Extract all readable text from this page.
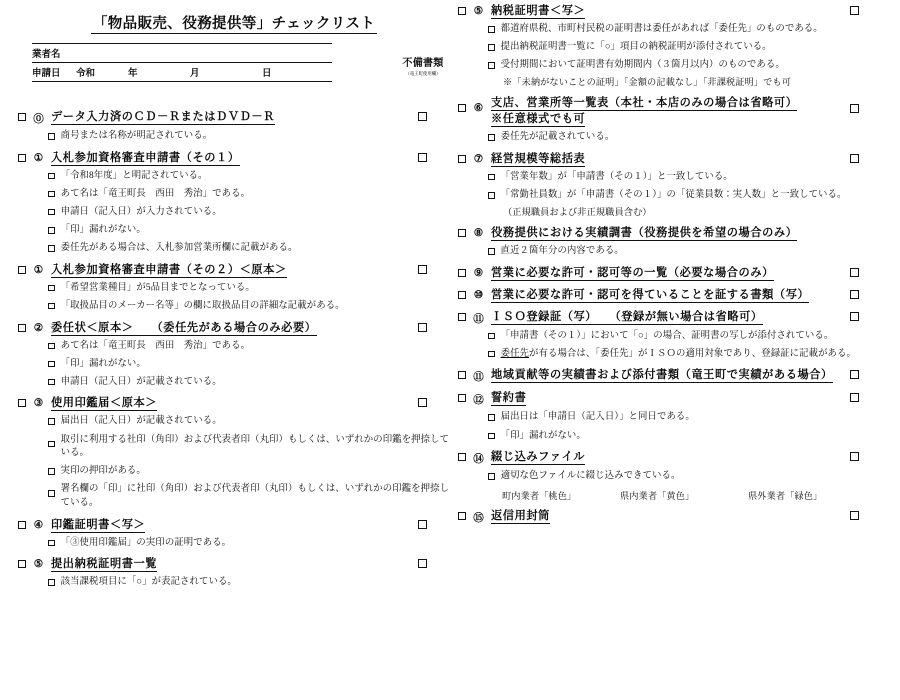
「物品販売、役務提供等」チェックリスト
業者名				
申請日	令和	年	月	日
不備書類
（竜王町使用欄）
⓪ データ入力済のＣＤ－ＲまたはＤＶＤ－Ｒ
商号または名称が明記されている。
① 入札参加資格審査申請書（その１）
「令和8年度」と明記されている。
あて名は「竜王町長　西田　秀治」である。
申請日（記入日）が入力されている。
「印」漏れがない。
委任先がある場合は、入札参加営業所欄に記載がある。
① 入札参加資格審査申請書（その２）＜原本＞
「希望営業種目」が5品目までとなっている。
「取扱品目のメーカー名等」の欄に取扱品目の詳細な記載がある。
② 委任状＜原本＞　　（委任先がある場合のみ必要）
あて名は「竜王町長　西田　秀治」である。
「印」漏れがない。
申請日（記入日）が記載されている。
③ 使用印鑑届＜原本＞
届出日（記入日）が記載されている。
取引に利用する社印（角印）および代表者印（丸印）もしくは、いずれかの印鑑を押捺している。
実印の押印がある。
署名欄の「印」に社印（角印）および代表者印（丸印）もしくは、いずれかの印鑑を押捺している。
④ 印鑑証明書＜写＞
「③使用印鑑届」の実印の証明である。
⑤ 提出納税証明書一覧
該当課税項目に「○」が表記されている。
⑤ 納税証明書＜写＞
都道府県税、市町村民税の証明書は委任があれば「委任先」のものである。
提出納税証明書一覧に「○」項目の納税証明が添付されている。
受付期間において証明書有効期間内（３箇月以内）のものである。
※「未納がないことの証明」「金額の記載なし」「非課税証明」でも可
⑥ 支店、営業所等一覧表（本社・本店のみの場合は省略可）
※任意様式でも可
委任先が記載されている。
⑦ 経営規模等総括表
「営業年数」が「申請書（その１）」と一致している。
「常勤社員数」が「申請書（その１）」の「従業員数：実人数」と一致している。
（正規職員および非正規職員含む）
⑧ 役務提供における実績調書（役務提供を希望の場合のみ）
直近２箇年分の内容である。
⑨ 営業に必要な許可・認可等の一覧（必要な場合のみ）
⑩ 営業に必要な許可・認可を得ていることを証する書類（写）
⑪ ＩＳＯ登録証（写）　　（登録が無い場合は省略可）
「申請書（その１）」において「○」の場合、証明書の写しが添付されている。
委任先が有る場合は、「委任先」がＩＳＯの適用対象であり、登録証に記載がある。
⑪ 地域貢献等の実績書および添付書類（竜王町で実績がある場合）
⑫ 誓約書
届出日は「申請日（記入日）」と同日である。
「印」漏れがない。
⑭ 綴じ込みファイル
適切な色ファイルに綴じ込みできている。
町内業者「桃色」	県内業者「黄色」	県外業者「緑色」
⑮ 返信用封筒
